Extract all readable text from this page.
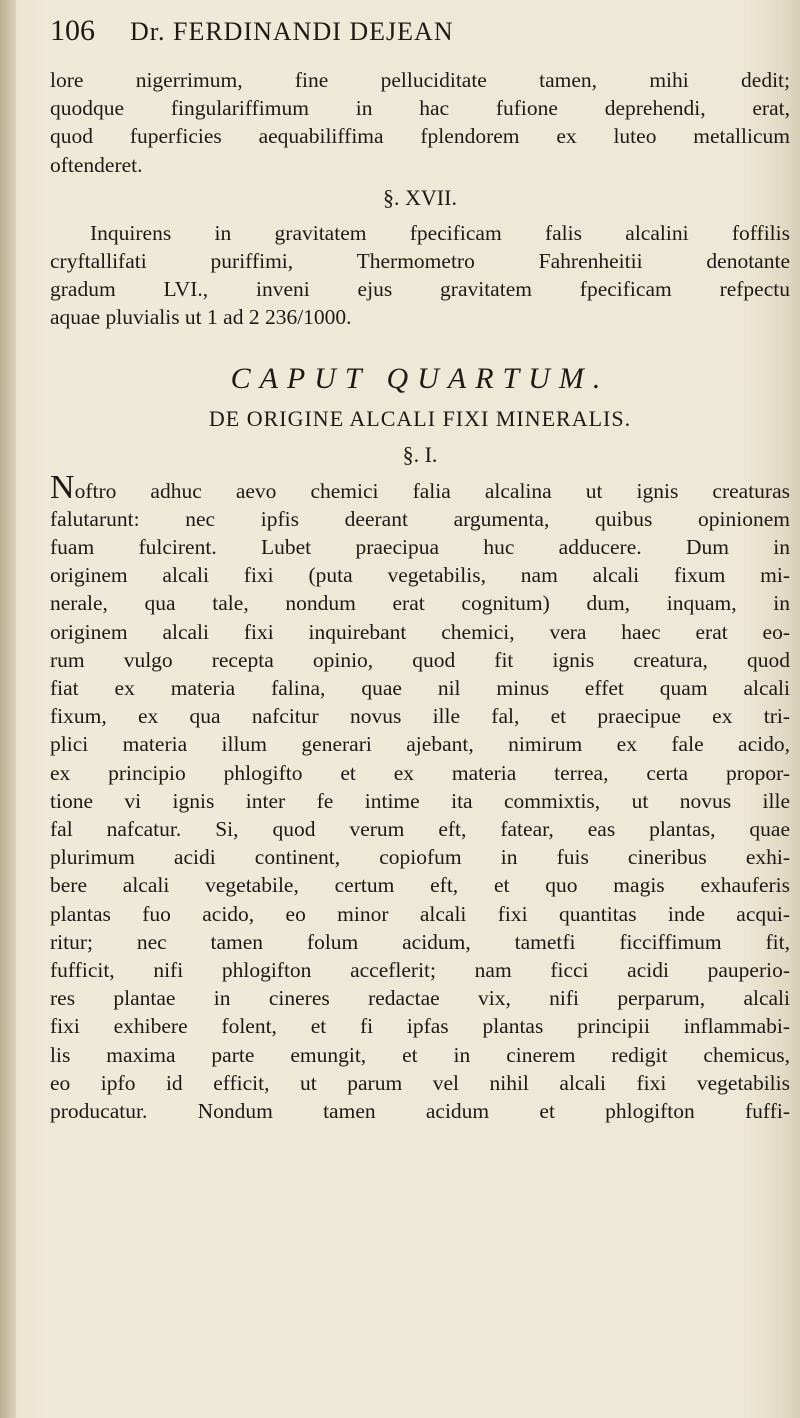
106	Dr. FERDINANDI DEJEAN

lore nigerrimum, fine pelluciditate tamen, mihi dedit;
quodque fingulariffimum in hac fufione deprehendi, erat,
quod fuperficies aequabiliffima fplendorem ex luteo metallicum
oftenderet.

§. XVII.

Inquirens in gravitatem fpecificam falis alcalini foffilis
cryftallifati puriffimi, Thermometro Fahrenheitii denotante
gradum LVI., inveni ejus gravitatem fpecificam refpectu
aquae pluvialis ut 1 ad 2 236/1000.

CAPUT QUARTUM.
DE ORIGINE ALCALI FIXI MINERALIS.
§. I.

Noftro adhuc aevo chemici falia alcalina ut ignis creaturas
falutarunt: nec ipfis deerant argumenta, quibus opinionem
fuam fulcirent. Lubet praecipua huc adducere. Dum in
originem alcali fixi (puta vegetabilis, nam alcali fixum mi-
nerale, qua tale, nondum erat cognitum) dum, inquam, in
originem alcali fixi inquirebant chemici, vera haec erat eo-
rum vulgo recepta opinio, quod fit ignis creatura, quod
fiat ex materia falina, quae nil minus effet quam alcali
fixum, ex qua nafcitur novus ille fal, et praecipue ex tri-
plici materia illum generari ajebant, nimirum ex fale acido,
ex principio phlogifto et ex materia terrea, certa propor-
tione vi ignis inter fe intime ita commixtis, ut novus ille
fal nafcatur. Si, quod verum eft, fatear, eas plantas, quae
plurimum acidi continent, copiofum in fuis cineribus exhi-
bere alcali vegetabile, certum eft, et quo magis exhauferis
plantas fuo acido, eo minor alcali fixi quantitas inde acqui-
ritur; nec tamen folum acidum, tametfi ficciffimum fit,
fufficit, nifi phlogifton acceflerit; nam ficci acidi pauperio-
res plantae in cineres redactae vix, nifi perparum, alcali
fixi exhibere folent, et fi ipfas plantas principii inflammabi-
lis maxima parte emungit, et in cinerem redigit chemicus,
eo ipfo id efficit, ut parum vel nihil alcali fixi vegetabilis
producatur. Nondum tamen acidum et phlogifton fuffi-
